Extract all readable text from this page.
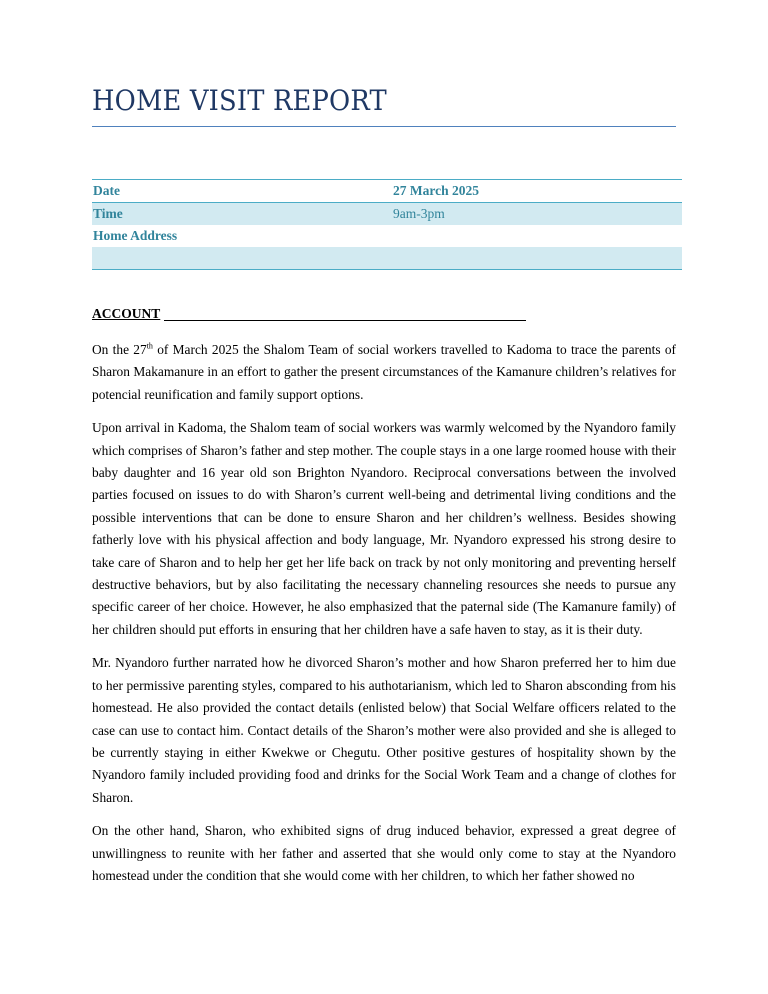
HOME VISIT REPORT
Date	27 March 2025
Time	9am-3pm
Home Address	

ACCOUNT

On the 27th of March 2025 the Shalom Team of social workers travelled to Kadoma to trace the parents of Sharon Makamanure in an effort to gather the present circumstances of the Kamanure children’s relatives for potencial reunification and family support options.

Upon arrival in Kadoma, the Shalom team of social workers was warmly welcomed by the Nyandoro family which comprises of Sharon’s father and step mother. The couple stays in a one large roomed house with their baby daughter and 16 year old son Brighton Nyandoro. Reciprocal conversations between the involved parties focused on issues to do with Sharon’s current well-being and detrimental living conditions and the possible interventions that can be done to ensure Sharon and her children’s wellness. Besides showing fatherly love with his physical affection and body language, Mr. Nyandoro expressed his strong desire to take care of Sharon and to help her get her life back on track by not only monitoring and preventing herself destructive behaviors, but by also facilitating the necessary channeling resources she needs to pursue any specific career of her choice. However, he also emphasized that the paternal side (The Kamanure family) of her children should put efforts in ensuring that her children have a safe haven to stay, as it is their duty.

Mr. Nyandoro further narrated how he divorced Sharon’s mother and how Sharon preferred her to him due to her permissive parenting styles, compared to his authotarianism, which led to Sharon absconding from his homestead. He also provided the contact details (enlisted below) that Social Welfare officers related to the case can use to contact him. Contact details of the Sharon’s mother were also provided and she is alleged to be currently staying in either Kwekwe or Chegutu. Other positive gestures of hospitality shown by the Nyandoro family included providing food and drinks for the Social Work Team and a change of clothes for Sharon.

On the other hand, Sharon, who exhibited signs of drug induced behavior, expressed a great degree of unwillingness to reunite with her father and asserted that she would only come to stay at the Nyandoro homestead under the condition that she would come with her children, to which her father showed no
